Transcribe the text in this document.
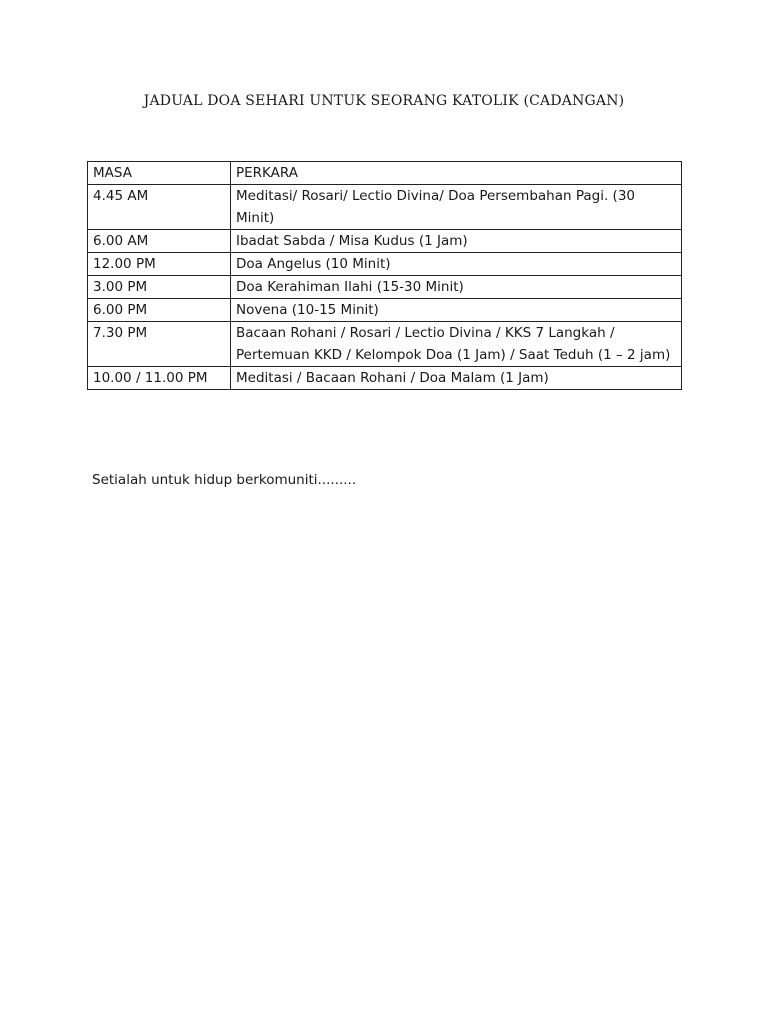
JADUAL DOA SEHARI UNTUK SEORANG KATOLIK (CADANGAN)
MASA	PERKARA
4.45 AM	Meditasi/ Rosari/ Lectio Divina/ Doa Persembahan Pagi. (30 Minit)
6.00 AM	Ibadat Sabda / Misa Kudus (1 Jam)
12.00 PM	Doa Angelus (10 Minit)
3.00 PM	Doa Kerahiman Ilahi (15-30 Minit)
6.00 PM	Novena (10-15 Minit)
7.30 PM	Bacaan Rohani / Rosari / Lectio Divina / KKS 7 Langkah / Pertemuan KKD / Kelompok Doa (1 Jam) / Saat Teduh (1 – 2 jam)
10.00 / 11.00 PM	Meditasi / Bacaan Rohani / Doa Malam (1 Jam)
Setialah untuk hidup berkomuniti.........
